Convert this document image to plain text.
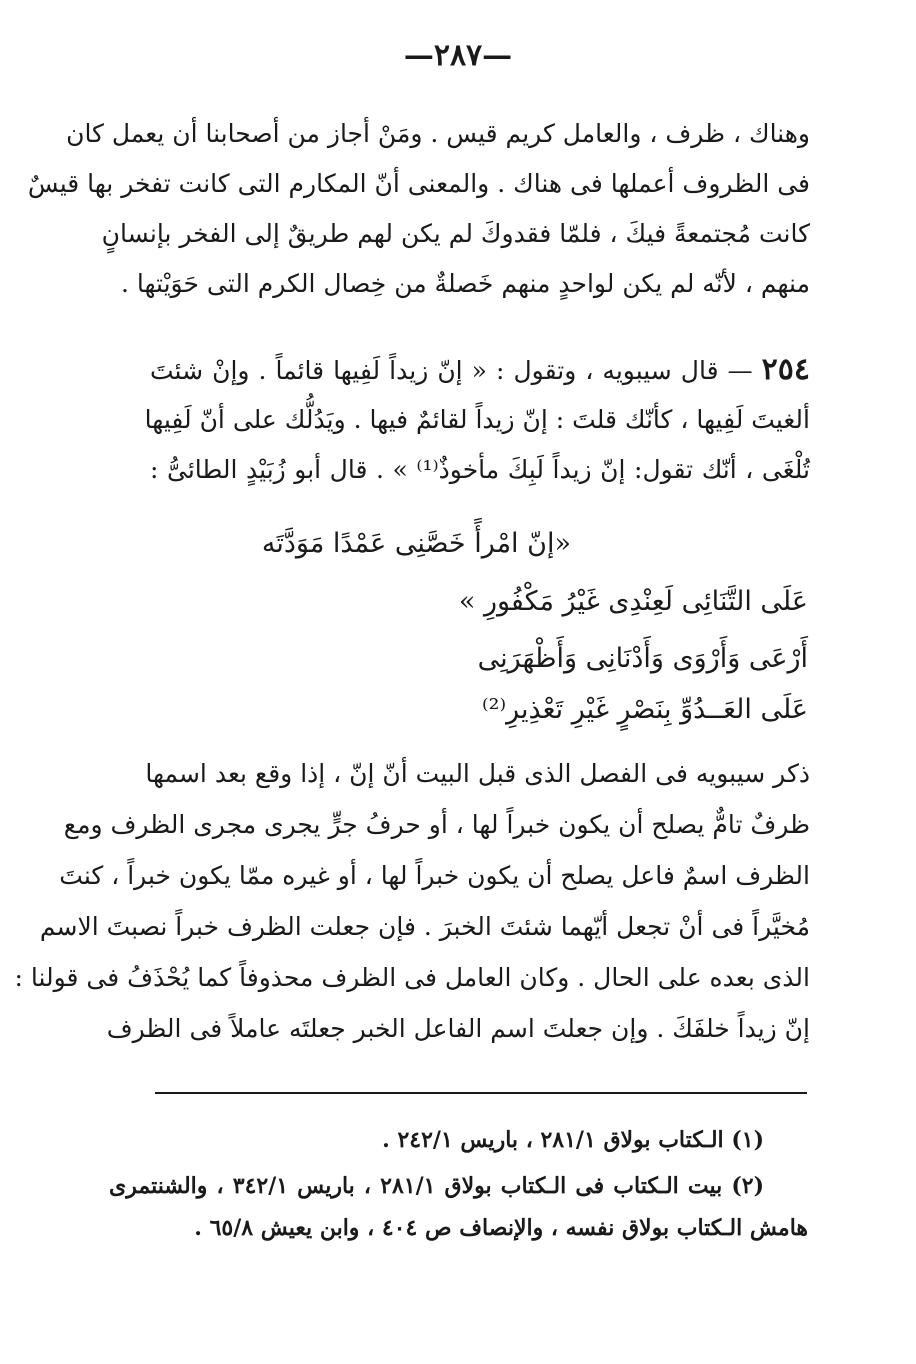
—٢٨٧—
وهناك ، ظرف ، والعامل كريم قيس . ومَنْ أجاز من أصحابنا أن يعمل كان
فى الظروف أعملها فى هناك . والمعنى أنّ المكارم التى كانت تفخر بها قيسٌ
كانت مُجتمعةً فيكَ ، فلمّا فقدوكَ لم يكن لهم طريقٌ إلى الفخر بإنسانٍ
منهم ، لأنّه لم يكن لواحدٍ منهم خَصلةٌ من خِصال الكرم التى حَوَيْتها .
٢٥٤ — قال سيبويه ، وتقول : « إنّ زيداً لَفِيها قائماً . وإنْ شئتَ
ألغيتَ لَفِيها ، كأنّك قلتَ : إنّ زيداً لقائمٌ فيها . ويَدُلُّك على أنّ لَفِيها
تُلْغَى ، أنّك تقول: إنّ زيداً لَبِكَ مأخوذٌ⁽¹⁾ » . قال أبو زُبَيْدٍ الطائىُّ :
«إنّ امْرأً خَصَّنِى عَمْدًا مَوَدَّتَه
عَلَى التَّنَائِى لَعِنْدِى غَيْرُ مَكْفُورِ »
أَرْعَى وَأَرْوَى وَأَدْنَانِى وَأَظْهَرَنِى
عَلَى العَــدُوِّ بِنَصْرٍ غَيْرِ تَعْذِيرِ⁽²⁾
ذكر سيبويه فى الفصل الذى قبل البيت أنّ إنّ ، إذا وقع بعد اسمها
ظرفٌ تامٌّ يصلح أن يكون خبراً لها ، أو حرفُ جرٍّ يجرى مجرى الظرف ومع
الظرف اسمٌ فاعل يصلح أن يكون خبراً لها ، أو غيره ممّا يكون خبراً ، كنتَ
مُخيَّراً فى أنْ تجعل أيّهما شئتَ الخبرَ . فإن جعلت الظرف خبراً نصبتَ الاسم
الذى بعده على الحال . وكان العامل فى الظرف محذوفاً كما يُحْذَفُ فى قولنا :
إنّ زيداً خلفَكَ . وإن جعلتَ اسم الفاعل الخبر جعلتَه عاملاً فى الظرف
(١) الـكتاب بولاق ٢٨١/١ ، باريس ٢٤٢/١ .
(٢) بيت الـكتاب فى الـكتاب بولاق ٢٨١/١ ، باريس ٣٤٢/١ ، والشنتمرى
هامش الـكتاب بولاق نفسه ، والإنصاف ص ٤٠٤ ، وابن يعيش ٦٥/٨ .
